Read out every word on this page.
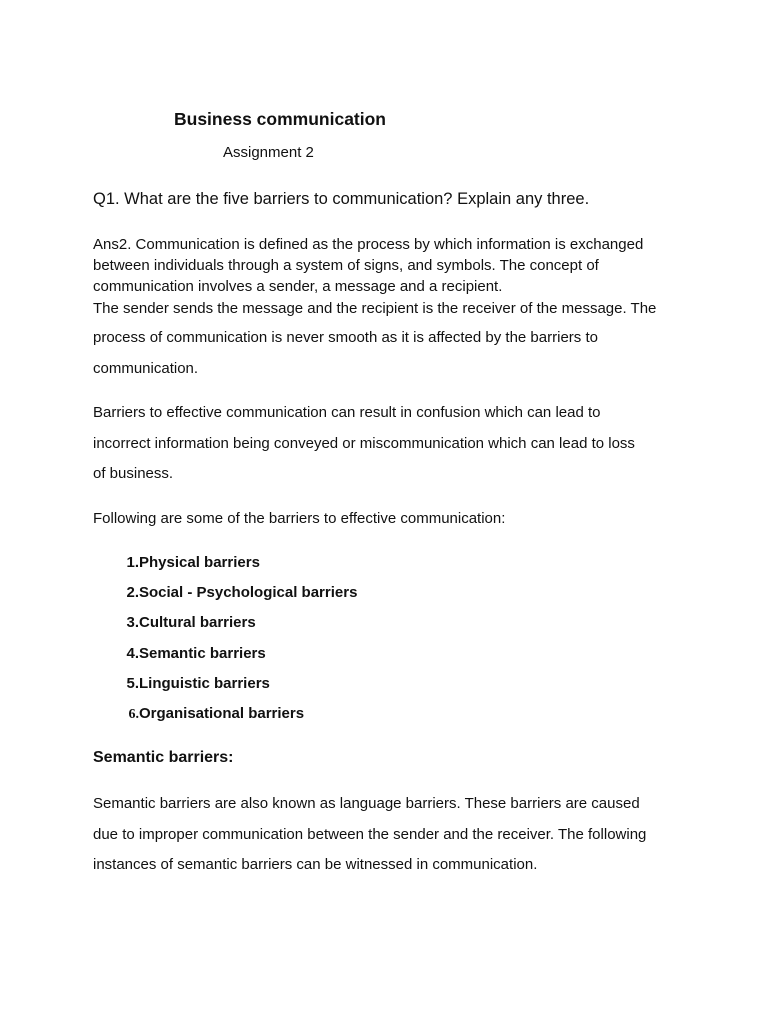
Business communication

Assignment 2

Q1. What are the five barriers to communication? Explain any three.

Ans2. Communication is defined as the process by which information is exchanged

between individuals through a system of signs, and symbols. The concept of

communication involves a sender, a message and a recipient.

The sender sends the message and the recipient is the receiver of the message. The

process of communication is never smooth as it is affected by the barriers to

communication.

Barriers to effective communication can result in confusion which can lead to

incorrect information being conveyed or miscommunication which can lead to loss

of business.

Following are some of the barriers to effective communication:

1. Physical barriers
2. Social - Psychological barriers
3. Cultural barriers
4. Semantic barriers
5. Linguistic barriers
6. Organisational barriers

Semantic barriers:

Semantic barriers are also known as language barriers. These barriers are caused

due to improper communication between the sender and the receiver. The following

instances of semantic barriers can be witnessed in communication.
